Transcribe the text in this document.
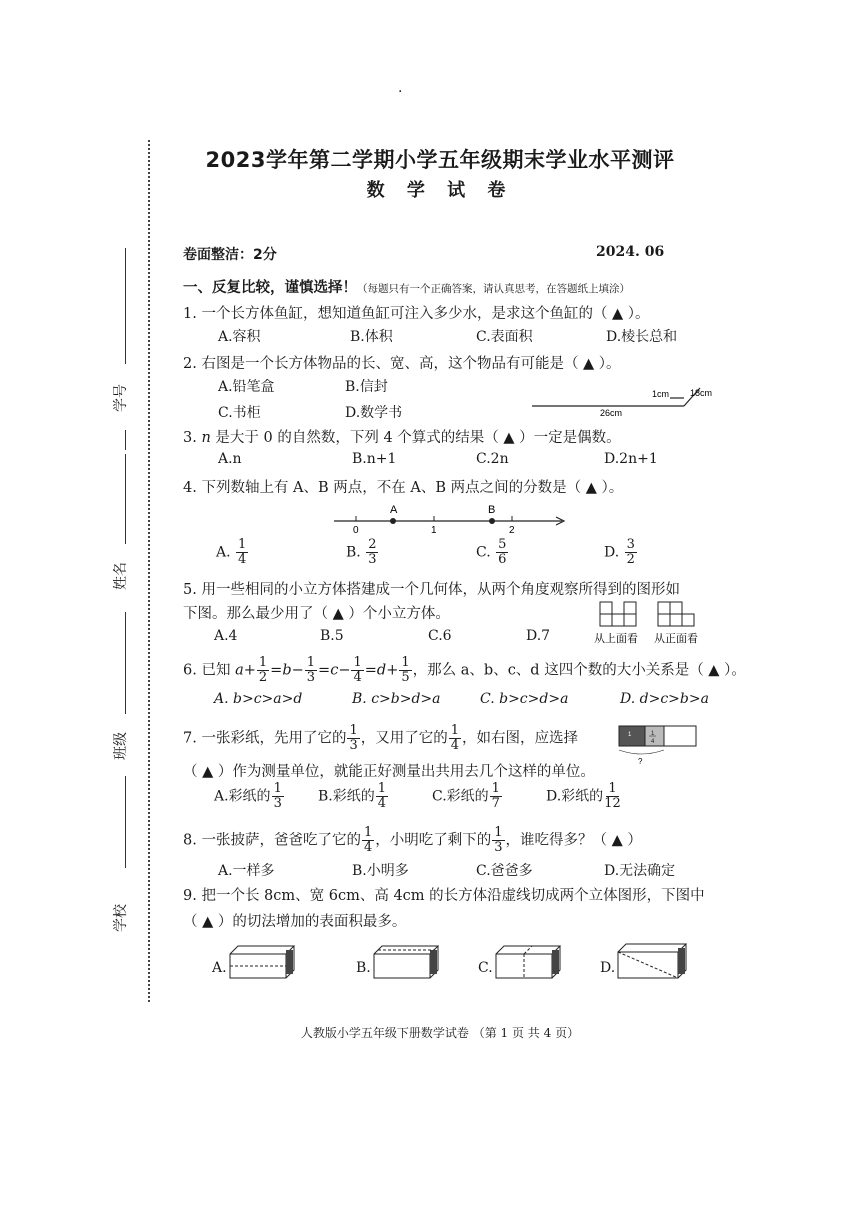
·
2023学年第二学期小学五年级期末学业水平测评
数 学 试 卷
学号
姓名
班级
学校
卷面整洁：2分	2024. 06
一、反复比较，谨慎选择！（每题只有一个正确答案，请认真思考，在答题纸上填涂）
1. 一个长方体鱼缸，想知道鱼缸可注入多少水，是求这个鱼缸的（ ▲ ）。
A.容积	B.体积	C.表面积	D.棱长总和
2. 右图是一个长方体物品的长、宽、高，这个物品有可能是（ ▲ ）。
A.铅笔盒	B.信封
C.书柜	D.数学书
1cm 18cm
26cm
3. n 是大于 0 的自然数，下列 4 个算式的结果（ ▲ ）一定是偶数。
A.n	B.n+1	C.2n	D.2n+1
4. 下列数轴上有 A、B 两点，不在 A、B 两点之间的分数是（ ▲ ）。
A	B
0	1	2
A. $\frac{1}{4}$	B. $\frac{2}{3}$	C. $\frac{5}{6}$	D. $\frac{3}{2}$
5. 用一些相同的小立方体搭建成一个几何体，从两个角度观察所得到的图形如
下图。那么最少用了（ ▲ ）个小立方体。
A.4	B.5	C.6	D.7	从上面看 从正面看
6. 已知 $a+ \frac{1}{2} =b- \frac{1}{3} =c- \frac{1}{4} =d+ \frac{1}{5}$ ，那么 a、b、c、d 这四个数的大小关系是（ ▲ ）。
A. b>c>a>d	B. c>b>d>a	C. b>c>d>a	D. d>c>b>a
7. 一张彩纸，先用了它的 $\frac{1}{3}$ ，又用了它的 $\frac{1}{4}$ ，如右图，应选择	1	1
4
?
（ ▲ ）作为测量单位，就能正好测量出共用去几个这样的单位。
A.彩纸的 $\frac{1}{3} B$.彩纸的 $\frac{1}{4}$	C.彩纸的 $\frac{1}{7}$	D.彩纸的 $\frac{1}{12}$
8. 一张披萨，爸爸吃了它的 $\frac{1}{4}$ ，小明吃了剩下的 $\frac{1}{3}$ ，谁吃得多？（ ▲ ）
A.一样多	B.小明多	C.爸爸多	D.无法确定
9. 把一个长 8cm、宽 6cm、高 4cm 的长方体沿虚线切成两个立体图形，下图中
（ ▲ ）的切法增加的表面积最多。
A.	B.	C.	D.
人教版小学五年级下册数学试卷 （第 1 页 共 4 页）
